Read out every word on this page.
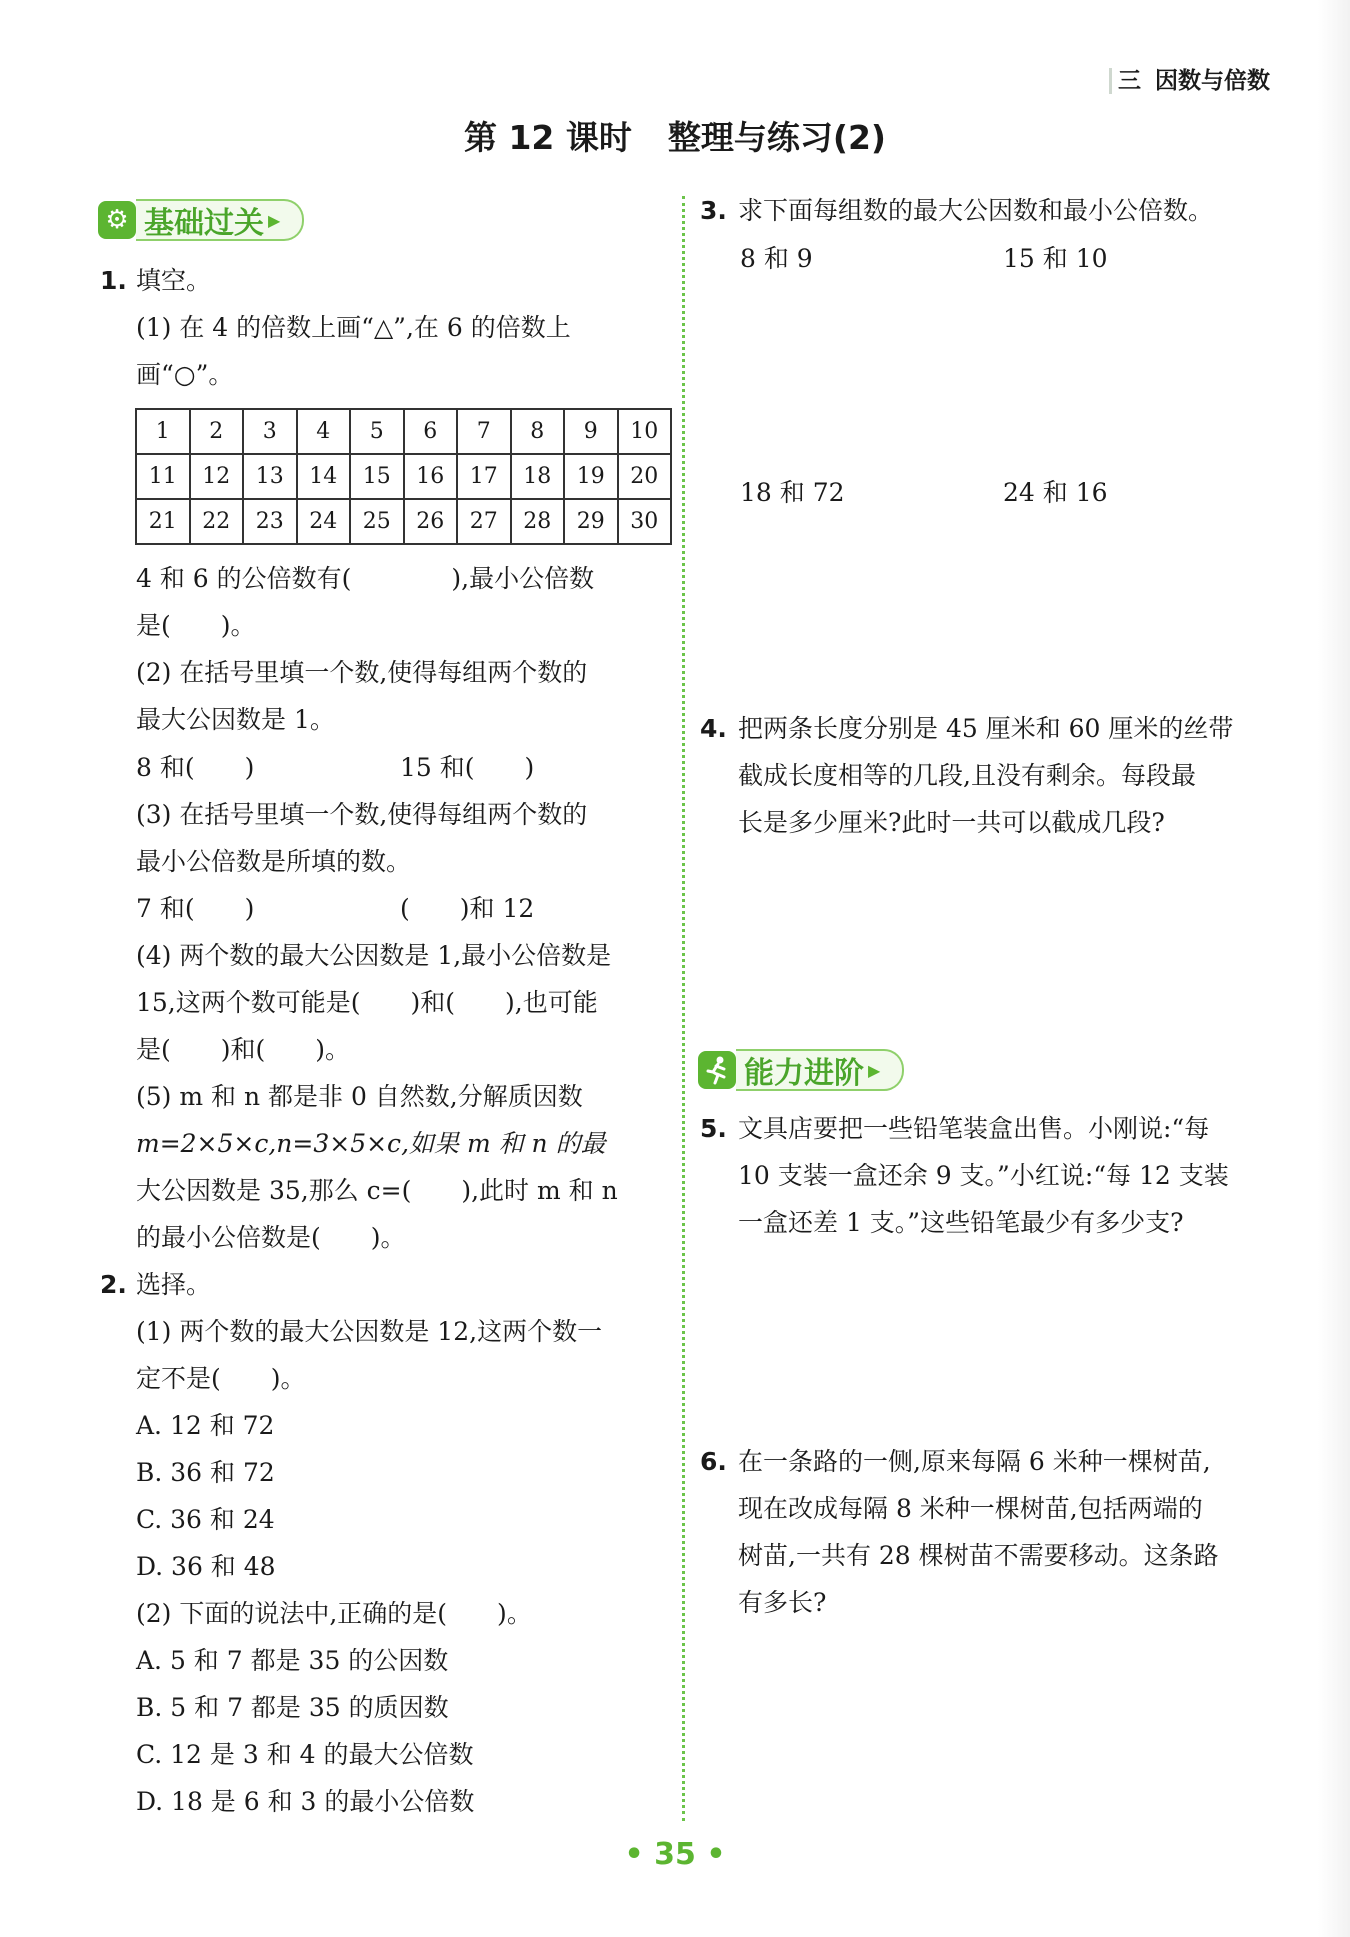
三 因数与倍数
第 12 课时 整理与练习(2)
⚙ 基础过关 ▶
1. 填空。
(1) 在 4 的倍数上画“△”,在 6 的倍数上
画“○”。
1	2	3	4	5	6	7	8	9	10
11	12	13	14	15	16	17	18	19	20
21	22	23	24	25	26	27	28	29	30
4 和 6 的公倍数有(　　　　),最小公倍数
是(　　)。
(2) 在括号里填一个数,使得每组两个数的
最大公因数是 1。
8 和(　　)	15 和(　　)
(3) 在括号里填一个数,使得每组两个数的
最小公倍数是所填的数。
7 和(　　)	(　　)和 12
(4) 两个数的最大公因数是 1,最小公倍数是
15,这两个数可能是(　　)和(　　),也可能
是(　　)和(　　)。
(5) m 和 n 都是非 0 自然数,分解质因数
m=2×5×c,n=3×5×c,如果 m 和 n 的最
大公因数是 35,那么 c=(　　),此时 m 和 n
的最小公倍数是(　　)。
2. 选择。
(1) 两个数的最大公因数是 12,这两个数一
定不是(　　)。
A. 12 和 72
B. 36 和 72
C. 36 和 24
D. 36 和 48
(2) 下面的说法中,正确的是(　　)。
A. 5 和 7 都是 35 的公因数
B. 5 和 7 都是 35 的质因数
C. 12 是 3 和 4 的最大公倍数
D. 18 是 6 和 3 的最小公倍数
3. 求下面每组数的最大公因数和最小公倍数。
8 和 9	15 和 10
18 和 72	24 和 16
4. 把两条长度分别是 45 厘米和 60 厘米的丝带
截成长度相等的几段,且没有剩余。每段最
长是多少厘米?此时一共可以截成几段?
能力进阶 ▶
5. 文具店要把一些铅笔装盒出售。小刚说:“每
10 支装一盒还余 9 支。”小红说:“每 12 支装
一盒还差 1 支。”这些铅笔最少有多少支?
6. 在一条路的一侧,原来每隔 6 米种一棵树苗,
现在改成每隔 8 米种一棵树苗,包括两端的
树苗,一共有 28 棵树苗不需要移动。这条路
有多长?
• 35 •
